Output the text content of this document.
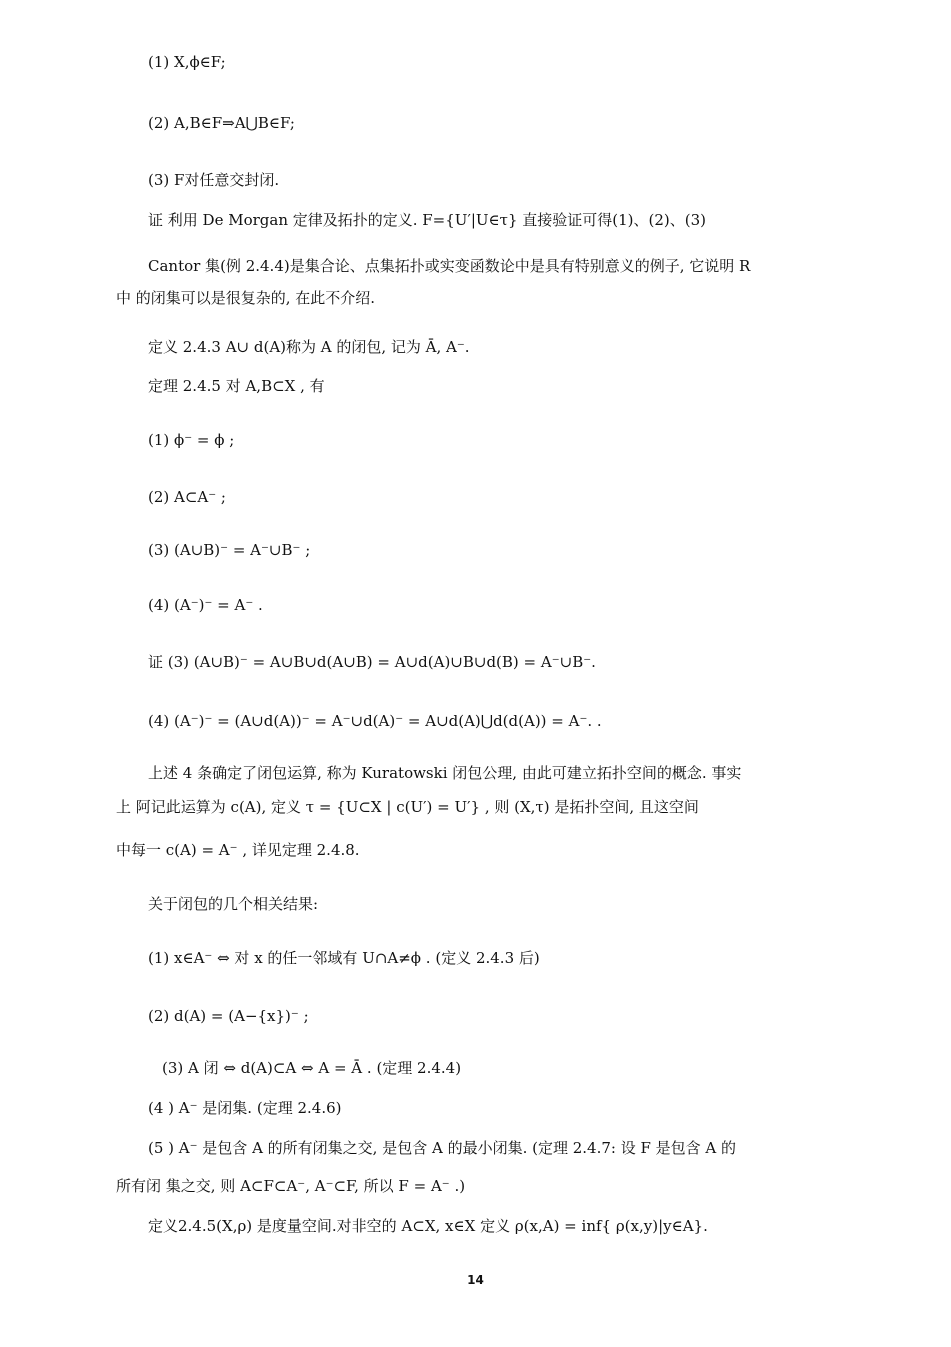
(1) X,ϕ∈F;
(2) A,B∈F⇒A⋃B∈F;
(3) F对任意交封闭.
证 利用 De Morgan 定律及拓扑的定义. F={U′|U∈τ} 直接验证可得(1)、(2)、(3)
Cantor 集(例 2.4.4)是集合论、点集拓扑或实变函数论中是具有特别意义的例子, 它说明 R
中 的闭集可以是很复杂的, 在此不介绍.
定义 2.4.3 A∪ d(A)称为 A 的闭包, 记为 Ā, A⁻.
定理 2.4.5 对 A,B⊂X , 有
(1) ϕ⁻ = ϕ ;
(2) A⊂A⁻ ;
(3) (A∪B)⁻ = A⁻∪B⁻ ;
(4) (A⁻)⁻ = A⁻ .
证 (3) (A∪B)⁻ = A∪B∪d(A∪B) = A∪d(A)∪B∪d(B) = A⁻∪B⁻.
(4) (A⁻)⁻ = (A∪d(A))⁻ = A⁻∪d(A)⁻ = A∪d(A)⋃d(d(A)) = A⁻. .
上述 4 条确定了闭包运算, 称为 Kuratowski 闭包公理, 由此可建立拓扑空间的概念. 事实
上 阿记此运算为 c(A), 定义 τ = {U⊂X | c(U′) = U′} , 则 (X,τ) 是拓扑空间, 且这空间
中每一 c(A) = A⁻ , 详见定理 2.4.8.
关于闭包的几个相关结果:
(1) x∈A⁻ ⇔ 对 x 的任一邻域有 U∩A≠ϕ . (定义 2.4.3 后)
(2) d(A) = (A−{x})⁻ ;
(3) A 闭 ⇔ d(A)⊂A ⇔ A = Ā . (定理 2.4.4)
(4 ) A⁻ 是闭集. (定理 2.4.6)
(5 ) A⁻ 是包含 A 的所有闭集之交, 是包含 A 的最小闭集. (定理 2.4.7: 设 F 是包含 A 的
所有闭 集之交, 则 A⊂F⊂A⁻, A⁻⊂F, 所以 F = A⁻ .)
定义2.4.5(X,ρ) 是度量空间.对非空的 A⊂X, x∈X 定义 ρ(x,A) = inf{ ρ(x,y)|y∈A}.
14
